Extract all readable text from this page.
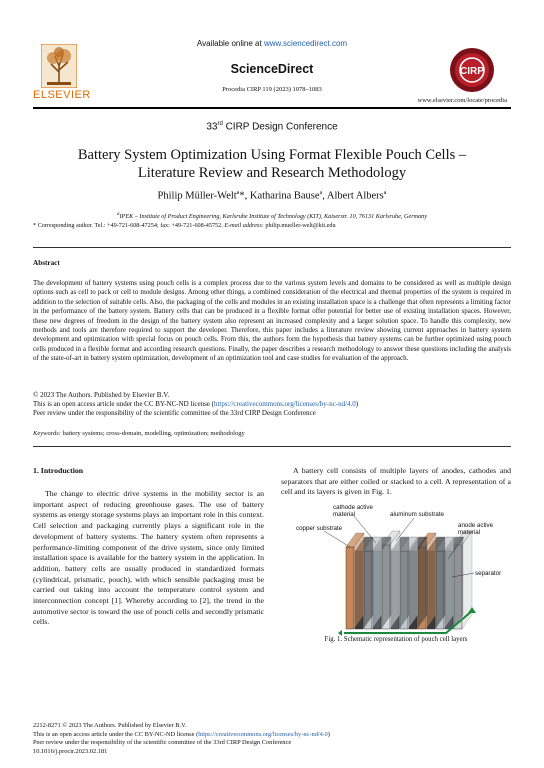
ELSEVIER
Available online at www.sciencedirect.com
ScienceDirect
Procedia CIRP 119 (2023) 1078–1083
CIRP
www.elsevier.com/locate/procedia
33rd CIRP Design Conference
Battery System Optimization Using Format Flexible Pouch Cells –
Literature Review and Research Methodology
Philip Müller-Welt$^a$*, Katharina Bause$^a$, Albert Albers$^a$
$^a$IPEK – Institute of Product Engineering, Karlsruhe Institute of Technology (KIT), Kaiserstr. 10, 76131 Karlsruhe, Germany
* Corresponding author. Tel.: +49-721-608-47254; fax: +49-721-608-45752. E-mail address: philip.mueller-welt@kit.edu
Abstract
The development of battery systems using pouch cells is a complex process due to the various system levels and domains to be considered as well as multiple design options such as cell to pack or cell to module designs. Among other things, a combined consideration of the electrical and thermal properties of the system is required in addition to the selection of suitable cells. Also, the packaging of the cells and modules in an existing installation space is a challenge that often represents a limiting factor in the performance of the battery system. Battery cells that can be produced in a flexible format offer potential for better use of existing installation spaces. However, these new degrees of freedom in the design of the battery system also represent an increased complexity and a larger solution space. To handle this complexity, new methods and tools are therefore required to support the developer. Therefore, this paper includes a literature review showing current approaches in battery system development and optimization with special focus on pouch cells. From this, the authors form the hypothesis that battery systems can be further optimized using pouch cells produced in a flexible format and according research questions. Finally, the paper describes a research methodology to answer these questions including the analysis of the state-of-art in battery system optimization, development of an optimization tool and case studies for evaluation of the approach.
© 2023 The Authors. Published by Elsevier B.V.
This is an open access article under the CC BY-NC-ND license (https://creativecommons.org/licenses/by-nc-nd/4.0)
Peer review under the responsibility of the scientific committee of the 33rd CIRP Design Conference
Keywords: battery systems; cross-domain, modelling, optimization; methodology
1. Introduction

The change to electric drive systems in the mobility sector is an important aspect of reducing greenhouse gases. The use of battery systems as energy storage systems plays an important role in this context. Cell selection and packaging currently plays a significant role in the development of battery systems. The battery system often represents a performance-limiting component of the drive system, since only limited installation space is available for the battery system in the application. In addition, battery cells are usually produced in standardized formats (cylindrical, prismatic, pouch), with which sensible packaging must be carried out taking into account the temperature control system and interconnection concept [1]. Whereby according to [2], the trend in the automotive sector is toward the use of pouch cells and secondly prismatic cells.

A battery cell consists of multiple layers of anodes, cathodes and separators that are either coiled or stacked to a cell. A representation of a cell and its layers is given in Fig. 1.

cathode active
material	aluminum substrate
copper substrate	anode active
material
separator
Fig. 1. Schematic representation of pouch cell layers
2212-8271 © 2023 The Authors. Published by Elsevier B.V.
This is an open access article under the CC BY-NC-ND license (https://creativecommons.org/licenses/by-nc-nd/4.0)
Peer review under the responsibility of the scientific committee of the 33rd CIRP Design Conference
10.1016/j.procir.2023.02.181
